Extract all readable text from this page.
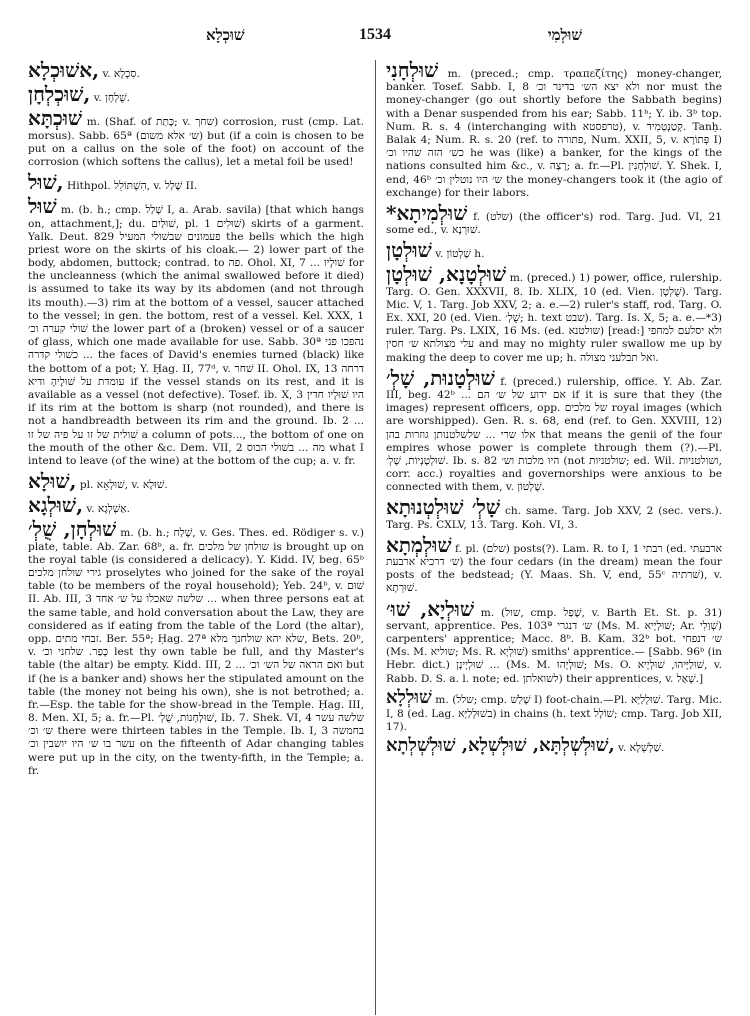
שׁוּכְלָא	1534	שׁוּלְמִי

אשׁוּכְלָא, v. סִכְלָא.

שׁוּכְלְחָן, v. שֻׁלְחָן.

שׁוּכְתָּא m. (Shaf. of כָּתַת; v. שחך) corrosion, rust (cmp. Lat. morsus). Sabb. 65ª (ש׳ אלא משום) but (if a coin is chosen to be put on a callus on the sole of the foot) on account of the corrosion (which softens the callus), let a metal foil be used!

שׁוּל, Hithpol. הִשְׁתּוֹלֵל, v. שָׁלַל II.

שׁוּל m. (b. h.; cmp. שָׁלַל I, a. Arab. savila) [that which hangs on, attachment,]; du. שׁוּלַיִם, pl. שׁוּלִים 1) skirts of a garment. Yalk. Deut. 829 פעמונים שבשׁולי המעיל the bells which the high priest wore on the skirts of his cloak.— 2) lower part of the body, abdomen, buttock; contrad. to פה. Ohol. XI, 7 ... שׁולָיו for the uncleanness (which the animal swallowed before it died) is assumed to take its way by its abdomen (and not through its mouth).—3) rim at the bottom of a vessel, saucer attached to the vessel; in gen. the bottom, rest of a vessel. Kel. XXX, 1 שׁולי קערה וכ׳ the lower part of a (broken) vessel or of a saucer of glass, which one made available for use. Sabb. 30ª נהפכו פני ... כשׁולי קדרה the faces of David's enemies turned (black) like the bottom of a pot; Y. Ḥag. II, 77ᵈ, v. שׁחר II. Ohol. IX, 13 דרחה עומדת על שׁוּלֶיהָ ודיא if the vessel stands on its rest, and it is available as a vessel (not defective). Tosef. ib. X, 3 היו שׁוּלָיו חדין if its rim at the bottom is sharp (not rounded), and there is not a handbreadth between its rim and the ground. Ib. 2 ... שׁולית של זו על פיה של זו a column of pots..., the bottom of one on the mouth of the other &c. Dem. VII, 2 מה ... בשׁולי הכוס what I intend to leave (of the wine) at the bottom of the cup; a. v. fr.

שׁוּלָא, pl. שׁוּלְאָא, v. שׁוּלָא.

שׁוּלְגָא, v. אַשְׁלְגָא.

שׁוּלְחָן, שֻׁלְ׳ m. (b. h.; שָׁלַח, v. Ges. Thes. ed. Rödiger s. v.) plate, table. Ab. Zar. 68ᵇ, a. fr. שולחן של מלכים is brought up on the royal table (is considered a delicacy). Y. Kidd. IV, beg. 65ᵇ גירי שולחן מלכים proselytes who joined for the sake of the royal table (to be members of the royal household); Yeb. 24ᵇ, v. שׁוּם II. Ab. III, 3 שלשה שאכלו על ש׳ אחד ... when three persons eat at the same table, and hold conversation about the Law, they are considered as if eating from the table of the Lord (the altar), opp. זבחי מתים. Ber. 55ª; Ḥag. 27ª שלא יהא שולחנך מלא, Bets. 20ᵇ, v. כָּפַר. שלחני וכ׳ lest thy own table be full, and thy Master's table (the altar) be empty. Kidd. III, 2 ... ואם הראה של הש׳ וכ׳ but if (he is a banker and) shows her the stipulated amount on the table (the money not being his own), she is not betrothed; a. fr.—Esp. the table for the show-bread in the Temple. Ḥag. III, 8. Men. XI, 5; a. fr.—Pl. שׁוּלְחָנוֹת, שֻׁלְ׳, Ib. 7. Shek. VI, 4 שלשה עשר ש׳ וכ׳ there were thirteen tables in the Temple. Ib. I, 3 בחמשה עשר בו ש׳ היו יושבין וכ׳ on the fifteenth of Adar changing tables were put up in the city, on the twenty-fifth, in the Temple; a. fr.

שׁוּלְחָנִי m. (preced.; cmp. τραπεζίτης) money-changer, banker. Tosef. Sabb. I, 8 ולא יצא הש׳ בדינר וכ׳ nor must the money-changer (go out shortly before the Sabbath begins) with a Denar suspended from his ear; Sabb. 11ᵇ; Y. ib. 3ᵇ top. Num. R. s. 4 (interchanging with טרפסטא), v. קְטַנְטְמִיד. Tanḥ. Balak 4; Num. R. s. 20 (ref. to פתורה, Num. XXII, 5, v. פְּתוֹרָא I) כש׳ הזה שהיו וכ׳ he was (like) a banker, for the kings of the nations consulted him &c., v. רָצָה; a. fr.—Pl. שׁוּלְחָנִין. Y. Shek. I, end, 46ᵇ ש׳ היו נוטלין וכ׳ the money-changers took it (the agio of exchange) for their labors.

*שׁוּלְמִיתָא f. (שלט) (the officer's) rod. Targ. Jud. VI, 21 some ed., v. שׁוּרְנָא.

שׁוּלְטָן v. שָׁלְטוֹן h.

שׁוּלְטָנָא, שׁוּלְטָן m. (preced.) 1) power, office, rulership. Targ. O. Gen. XXXVII, 8. Ib. XLIX, 10 (ed. Vien. שֻׁלְטָן). Targ. Mic. V, 1. Targ. Job XXV, 2; a. e.—2) ruler's staff, rod. Targ. O. Ex. XXI, 20 (ed. Vien. שֻׁלְ׳; h. text שבט). Targ. Is. X, 5; a. e.—*3) ruler. Targ. Ps. LXIX, 16 Ms. (ed. שולטנא) [read:] ולא יסלעם למחפי עלי מצולתא ש׳ חסין and may no mighty ruler swallow me up by making the deep to cover me up; h. ואל תבלעני מצולה.

שׁוּלְטָנוּת, שָׁלְ׳ f. (preced.) rulership, office. Y. Ab. Zar. III, beg. 42ᵇ ... אם ידוע של ש׳ הם if it is sure that they (the images) represent officers, opp. של מלכים royal images (which are worshipped). Gen. R. s. 68, end (ref. to Gen. XXVIII, 12) אלו שרי ... שלשלטנותן גוזרות בהן that means the genii of the four empires whose power is complete through them (?).—Pl. שׁוּלְטָנְיוֹת, שָׁלְ׳. Ib. s. 82 היו מלכות וש׳ (not שולטניות; ed. Wil. ושולטניות, corr. acc.) royalties and governorships were anxious to be connected with them, v. שָׁלְטוֹן.

שָׁלְ׳ שׁוּלְטְנוּתָא ch. same. Targ. Job XXV, 2 (sec. vers.). Targ. Ps. CXLV, 13. Targ. Koh. VI, 3.

שׁוּלְמְתָא f. pl. (שלם) posts(?). Lam. R. to I, 1 רבתי (ed. ארבעתי ש׳ דרכיא ארבעת) the four cedars (in the dream) mean the four posts of the bedstead; (Y. Maas. Sh. V, end, 55ᶜ שׁרתיה), v. שׁוּרְתָא.

שׁוּלְיָא, שׁוּ׳ m. (שול, cmp. שָׁפַל, v. Barth Et. St. p. 31) servant, apprentice. Pes. 103ª ש׳ דנגרי (Ms. M. שׁוּלְיָיא; Ar. שְׁוַלִי) carpenters' apprentice; Macc. 8ᵇ. B. Kam. 32ᵇ bot. ש׳ דנפחי (Ms. M. שוליא; Ms. R. שׁוּלְיָא) smiths' apprentice.— [Sabb. 96ᵇ (in Hebr. dict.) שׁוּלְיָינָן ... (Ms. M. שׁוּלְיָהוּ; Ms. O. שׁוּלַיָּיהוּ, שׁוּלְיָיא, v. Rabb. D. S. a. l. note; ed. לשואלתן) their apprentices, v. שָׁאַל.]

שׁוּלְלָא m. (שלל; cmp. שָׁלַשׁ I) foot-chain.—Pl. שׁוּלְלַיָּא. Targ. Mic. I, 8 (ed. Lag. בשׁוּלְלַיָּא) in chains (h. text שׁוֹלָל; cmp. Targ. Job XII, 17).

שׁוּלְשְׁלְתָּא, שׁוּלְשְׁלָא, שׁוּלְשְׁלְתָא, v. שַׁלְשְׁלָא.
